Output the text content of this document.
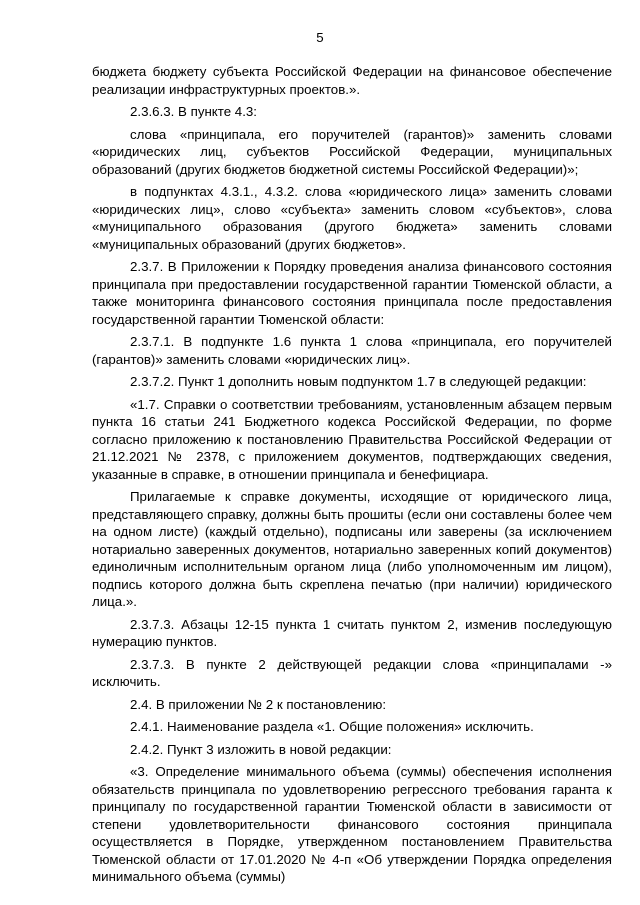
5

бюджета бюджету субъекта Российской Федерации на финансовое обеспечение реализации инфраструктурных проектов.».

2.3.6.3. В пункте 4.3:

слова «принципала, его поручителей (гарантов)» заменить словами «юридических лиц, субъектов Российской Федерации, муниципальных образований (других бюджетов бюджетной системы Российской Федерации)»;

в подпунктах 4.3.1., 4.3.2. слова «юридического лица» заменить словами «юридических лиц», слово «субъекта» заменить словом «субъектов», слова «муниципального образования (другого бюджета» заменить словами «муниципальных образований (других бюджетов».

2.3.7. В Приложении к Порядку проведения анализа финансового состояния принципала при предоставлении государственной гарантии Тюменской области, а также мониторинга финансового состояния принципала после предоставления государственной гарантии Тюменской области:

2.3.7.1. В подпункте 1.6 пункта 1 слова «принципала, его поручителей (гарантов)» заменить словами «юридических лиц».

2.3.7.2. Пункт 1 дополнить новым подпунктом 1.7 в следующей редакции:

«1.7. Справки о соответствии требованиям, установленным абзацем первым пункта 16 статьи 241 Бюджетного кодекса Российской Федерации, по форме согласно приложению к постановлению Правительства Российской Федерации от 21.12.2021 № 2378, с приложением документов, подтверждающих сведения, указанные в справке, в отношении принципала и бенефициара.

Прилагаемые к справке документы, исходящие от юридического лица, представляющего справку, должны быть прошиты (если они составлены более чем на одном листе) (каждый отдельно), подписаны или заверены (за исключением нотариально заверенных документов, нотариально заверенных копий документов) единоличным исполнительным органом лица (либо уполномоченным им лицом), подпись которого должна быть скреплена печатью (при наличии) юридического лица.».

2.3.7.3. Абзацы 12-15 пункта 1 считать пунктом 2, изменив последующую нумерацию пунктов.

2.3.7.3. В пункте 2 действующей редакции слова «принципалами -» исключить.

2.4. В приложении № 2 к постановлению:

2.4.1. Наименование раздела «1. Общие положения» исключить.

2.4.2. Пункт 3 изложить в новой редакции:

«3. Определение минимального объема (суммы) обеспечения исполнения обязательств принципала по удовлетворению регрессного требования гаранта к принципалу по государственной гарантии Тюменской области в зависимости от степени удовлетворительности финансового состояния принципала осуществляется в Порядке, утвержденном постановлением Правительства Тюменской области от 17.01.2020 № 4-п «Об утверждении Порядка определения минимального объема (суммы)
